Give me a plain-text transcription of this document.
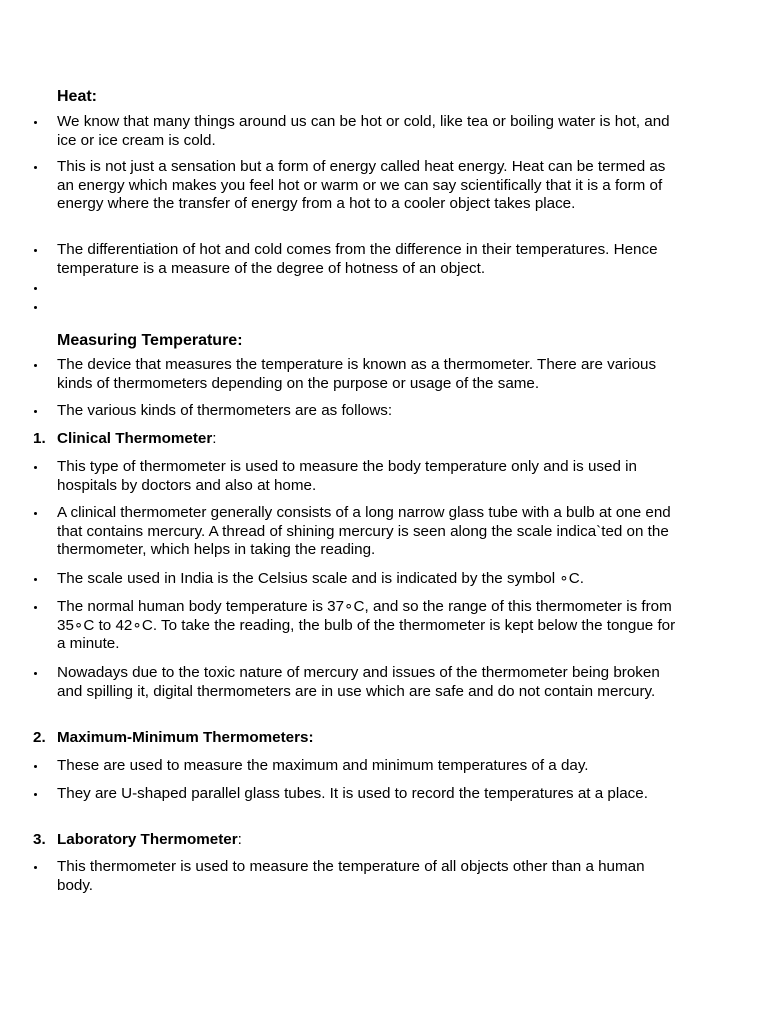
Heat:
We know that many things around us can be hot or cold, like tea or boiling water is hot, and ice or ice cream is cold.
This is not just a sensation but a form of energy called heat energy. Heat can be termed as an energy which makes you feel hot or warm or we can say scientifically that it is a form of energy where the transfer of energy from a hot to a cooler object takes place.
The differentiation of hot and cold comes from the difference in their temperatures. Hence temperature is a measure of the degree of hotness of an object.
Measuring Temperature:
The device that measures the temperature is known as a thermometer. There are various kinds of thermometers depending on the purpose or usage of the same.
The various kinds of thermometers are as follows:
1. Clinical Thermometer:
This type of thermometer is used to measure the body temperature only and is used in hospitals by doctors and also at home.
A clinical thermometer generally consists of a long narrow glass tube with a bulb at one end that contains mercury. A thread of shining mercury is seen along the scale indica`ted on the thermometer, which helps in taking the reading.
The scale used in India is the Celsius scale and is indicated by the symbol ∘C.
The normal human body temperature is 37∘C, and so the range of this thermometer is from 35∘C to 42∘C. To take the reading, the bulb of the thermometer is kept below the tongue for a minute.
Nowadays due to the toxic nature of mercury and issues of the thermometer being broken and spilling it, digital thermometers are in use which are safe and do not contain mercury.
2. Maximum-Minimum Thermometers:
These are used to measure the maximum and minimum temperatures of a day.
They are U-shaped parallel glass tubes. It is used to record the temperatures at a place.
3. Laboratory Thermometer:
This thermometer is used to measure the temperature of all objects other than a human body.
